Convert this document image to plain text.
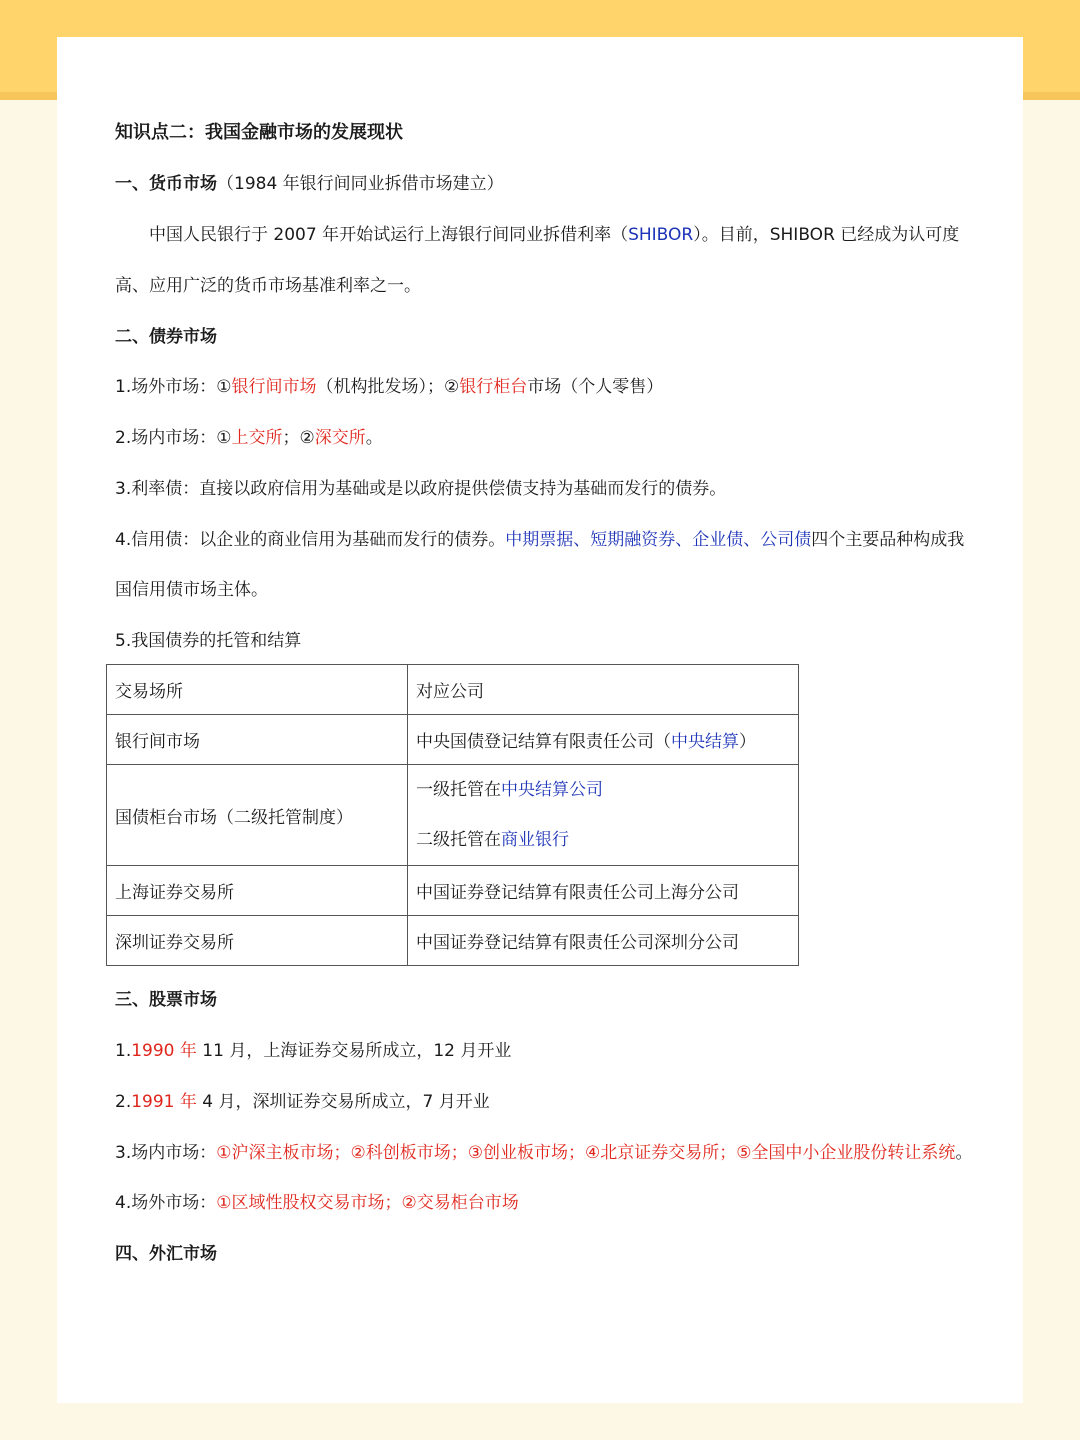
知识点二：我国金融市场的发展现状
一、货币市场（1984 年银行间同业拆借市场建立）
中国人民银行于 2007 年开始试运行上海银行间同业拆借利率（SHIBOR）。目前，SHIBOR 已经成为认可度
高、应用广泛的货币市场基准利率之一。
二、债券市场
1.场外市场：①银行间市场（机构批发场）；②银行柜台市场（个人零售）
2.场内市场：①上交所；②深交所。
3.利率债：直接以政府信用为基础或是以政府提供偿债支持为基础而发行的债券。
4.信用债：以企业的商业信用为基础而发行的债券。中期票据、短期融资券、企业债、公司债四个主要品种构成我
国信用债市场主体。
5.我国债券的托管和结算
交易场所	对应公司
银行间市场	中央国债登记结算有限责任公司（中央结算）
国债柜台市场（二级托管制度）	一级托管在中央结算公司
二级托管在商业银行

上海证券交易所	中国证券登记结算有限责任公司上海分公司
深圳证券交易所	中国证券登记结算有限责任公司深圳分公司
三、股票市场
1.1990 年 11 月，上海证券交易所成立，12 月开业
2.1991 年 4 月，深圳证券交易所成立，7 月开业
3.场内市场：①沪深主板市场；②科创板市场；③创业板市场；④北京证券交易所；⑤全国中小企业股份转让系统。
4.场外市场：①区域性股权交易市场；②交易柜台市场
四、外汇市场
